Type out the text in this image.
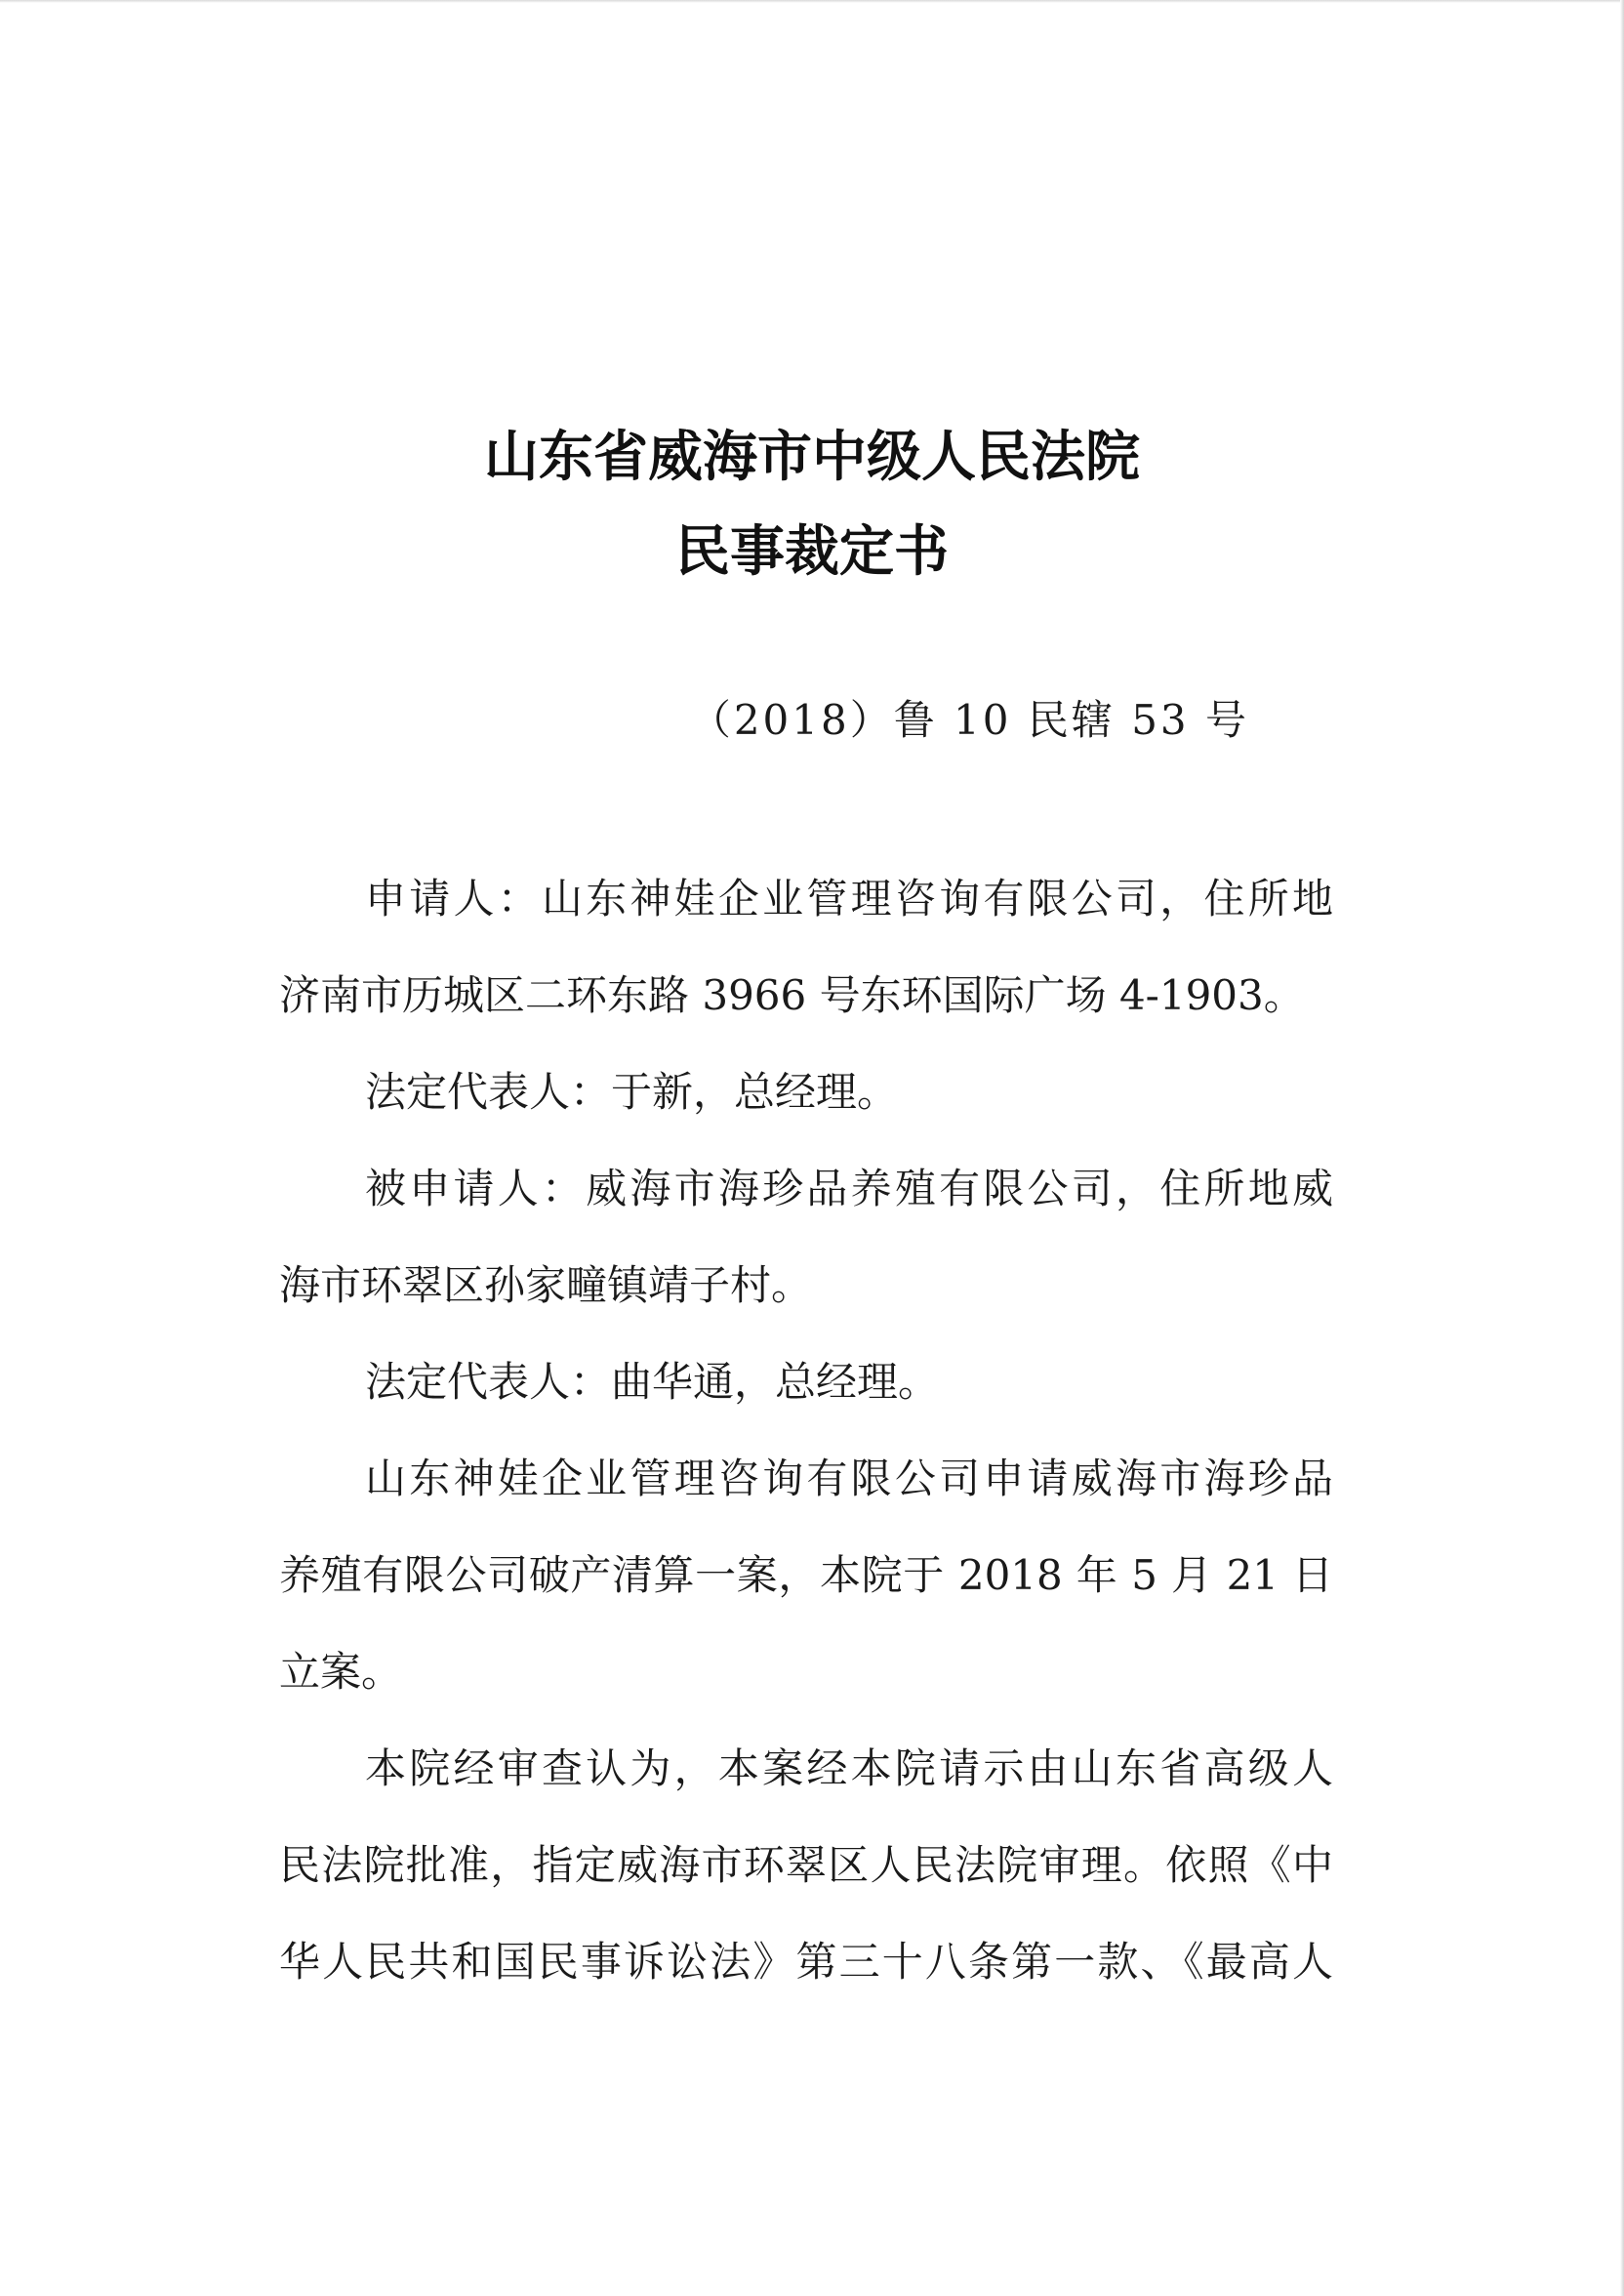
山东省威海市中级人民法院
民事裁定书
（2018）鲁 10 民辖 53 号
申请人：山东神娃企业管理咨询有限公司，住所地
济南市历城区二环东路 3966 号东环国际广场 4-1903。
法定代表人：于新，总经理。
被申请人：威海市海珍品养殖有限公司，住所地威
海市环翠区孙家疃镇靖子村。
法定代表人：曲华通，总经理。
山东神娃企业管理咨询有限公司申请威海市海珍品
养殖有限公司破产清算一案，本院于 2018 年 5 月 21 日
立案。
本院经审查认为，本案经本院请示由山东省高级人
民法院批准，指定威海市环翠区人民法院审理。依照《中
华人民共和国民事诉讼法》第三十八条第一款、《最高人
